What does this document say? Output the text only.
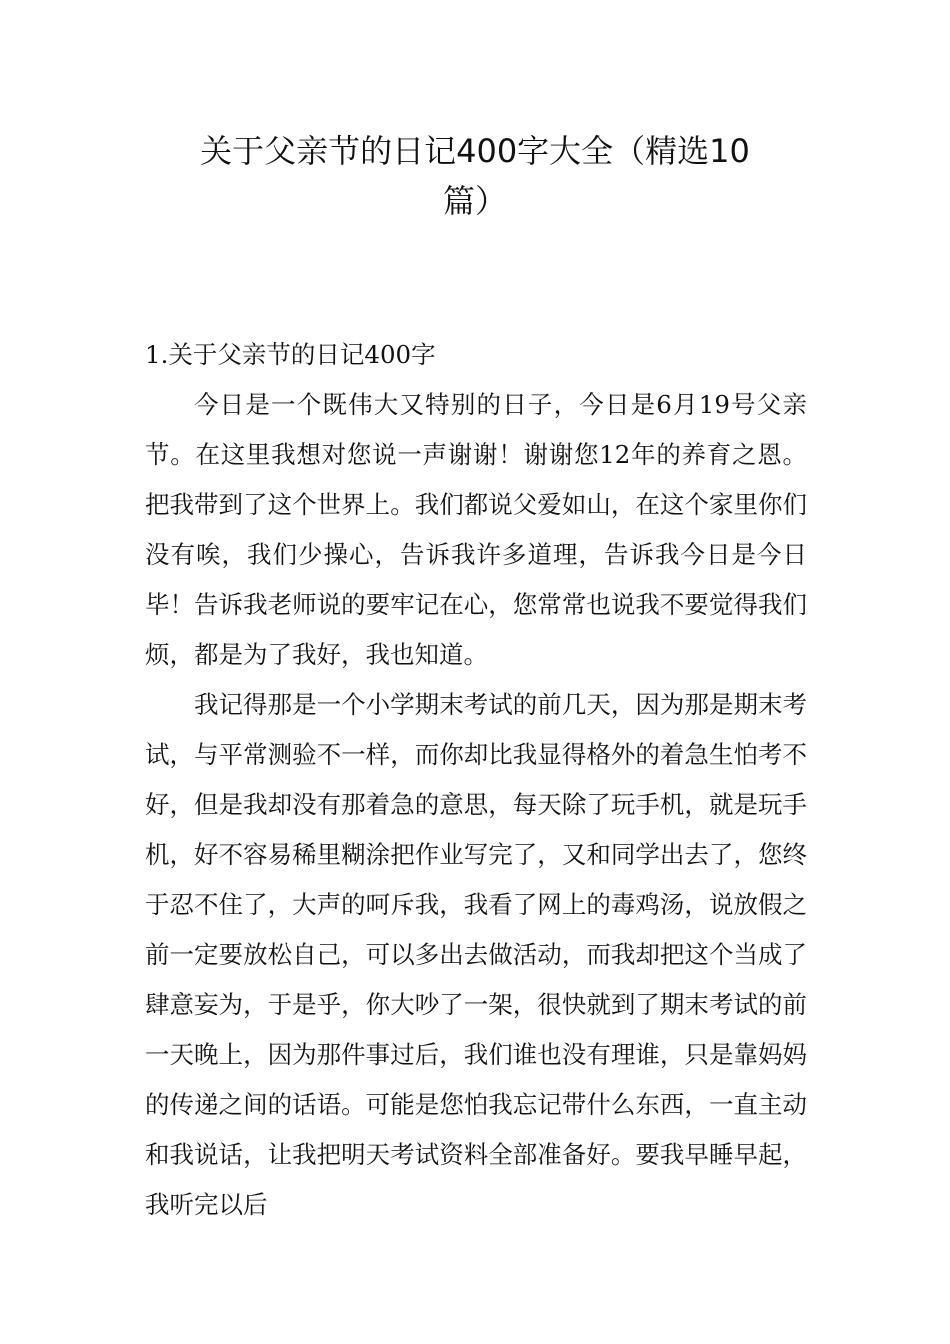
关于父亲节的日记400字大全（精选10
篇）
1.关于父亲节的日记400字

今日是一个既伟大又特别的日子，今日是6月19号父亲节。在这里我想对您说一声谢谢！谢谢您12年的养育之恩。把我带到了这个世界上。我们都说父爱如山，在这个家里你们没有唉，我们少操心，告诉我许多道理，告诉我今日是今日毕！告诉我老师说的要牢记在心，您常常也说我不要觉得我们烦，都是为了我好，我也知道。

我记得那是一个小学期末考试的前几天，因为那是期末考试，与平常测验不一样，而你却比我显得格外的着急生怕考不好，但是我却没有那着急的意思，每天除了玩手机，就是玩手机，好不容易稀里糊涂把作业写完了，又和同学出去了，您终于忍不住了，大声的呵斥我，我看了网上的毒鸡汤，说放假之前一定要放松自己，可以多出去做活动，而我却把这个当成了肆意妄为，于是乎，你大吵了一架，很快就到了期末考试的前一天晚上，因为那件事过后，我们谁也没有理谁，只是靠妈妈的传递之间的话语。可能是您怕我忘记带什么东西，一直主动和我说话，让我把明天考试资料全部准备好。要我早睡早起，我听完以后
